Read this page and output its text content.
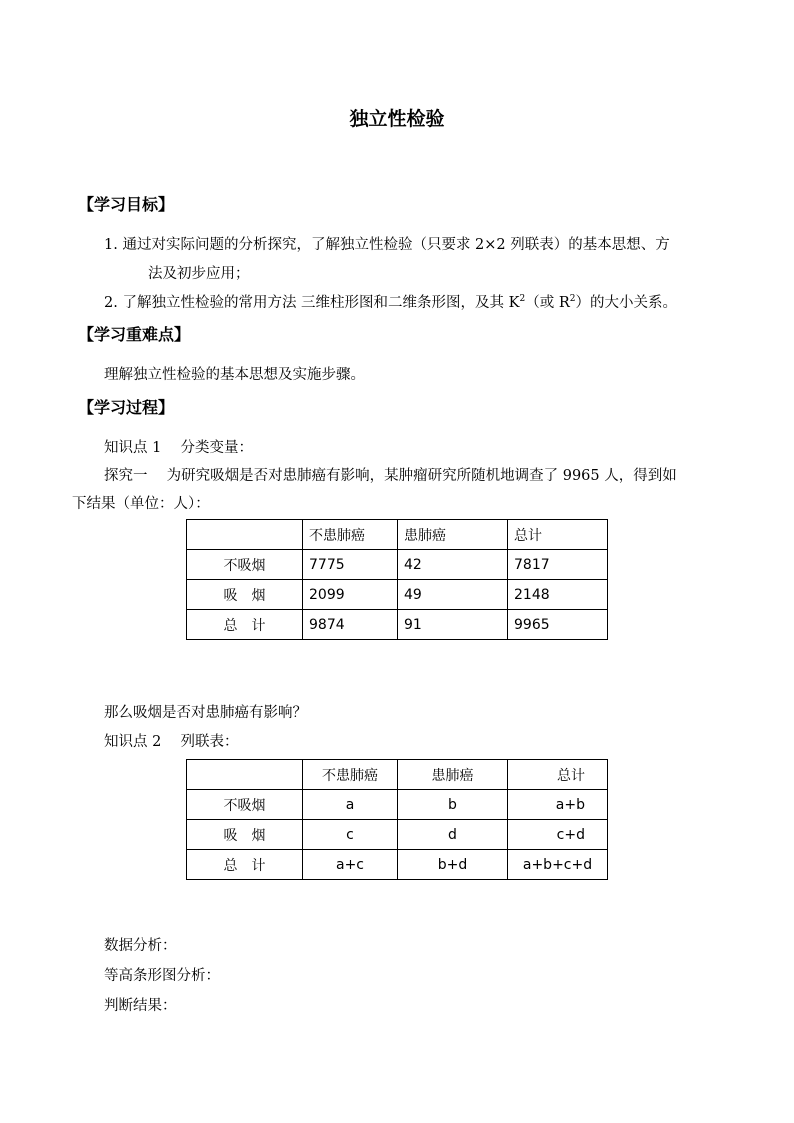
独立性检验
【学习目标】
1. 通过对实际问题的分析探究，了解独立性检验（只要求 2×2 列联表）的基本思想、方
法及初步应用；
2. 了解独立性检验的常用方法 三维柱形图和二维条形图，及其 $K^2$（或 $R^2$）的大小关系。
【学习重难点】
理解独立性检验的基本思想及实施步骤。
【学习过程】
知识点 1　 分类变量：
探究一　 为研究吸烟是否对患肺癌有影响，某肿瘤研究所随机地调查了 9965 人，得到如
下结果（单位：人）：
	不患肺癌	患肺癌	总计
不吸烟	7775	42	7817
吸　烟	2099	49	2148
总　计	9874	91	9965
那么吸烟是否对患肺癌有影响？
知识点 2　 列联表：
	不患肺癌	患肺癌	总计
不吸烟	a	b	a+b
吸　烟	c	d	c+d
总　计	a+c	b+d	a+b+c+d
数据分析：
等高条形图分析：
判断结果：
